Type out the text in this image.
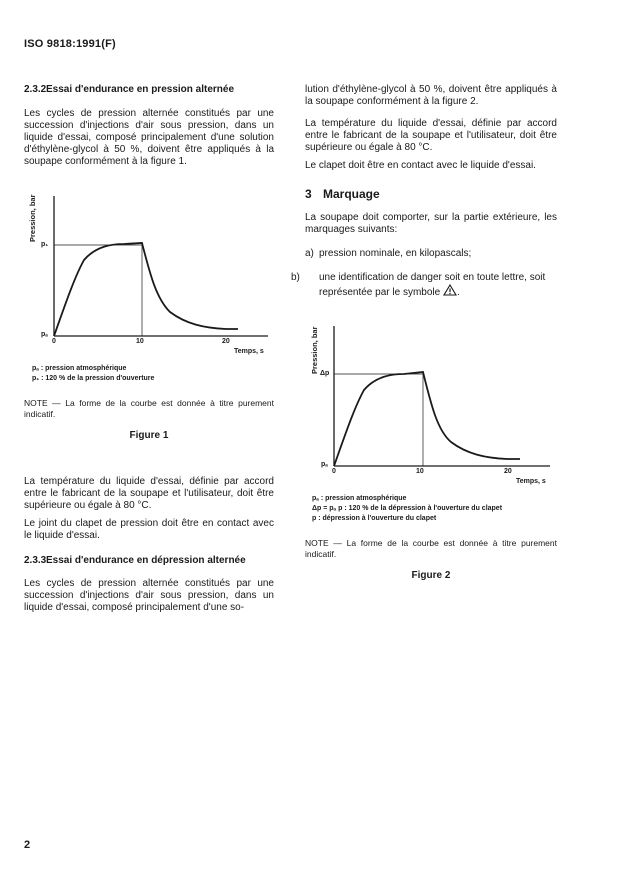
ISO 9818:1991(F)
2.3.2Essai d'endurance en pression alternée
Les cycles de pression alternée constitués par une succession d'injections d'air sous pression, dans un liquide d'essai, composé principalement d'une solution d'éthylène-glycol à 50 %, doivent être appliqués à la soupape conformément à la figure 1.
Pression, bar
p₁
pₐ
0	10	20
Temps, s
pₐ : pression atmosphérique
p₁ : 120 % de la pression d'ouverture
NOTE — La forme de la courbe est donnée à titre purement indicatif.
Figure 1
La température du liquide d'essai, définie par accord entre le fabricant de la soupape et l'utilisateur, doit être supérieure ou égale à 80 °C.
Le joint du clapet de pression doit être en contact avec le liquide d'essai.
2.3.3Essai d'endurance en dépression alternée
Les cycles de pression alternée constitués par une succession d'injections d'air sous pression, dans un liquide d'essai, composé principalement d'une so-
lution d'éthylène-glycol à 50 %, doivent être appliqués à la soupape conformément à la figure 2.
La température du liquide d'essai, définie par accord entre le fabricant de la soupape et l'utilisateur, doit être supérieure ou égale à 80 °C.
Le clapet doit être en contact avec le liquide d'essai.
3 Marquage
La soupape doit comporter, sur la partie extérieure, les marquages suivants:
a) pression nominale, en kilopascals;
b) une identification de danger soit en toute lettre, soit représentée par le symbole .
Pression, bar Δp
pₐ
0	10	20
Temps, s
pₐ : pression atmosphérique
Δp = pₐ p : 120 % de la dépression à l'ouverture du clapet
p : dépression à l'ouverture du clapet
NOTE — La forme de la courbe est donnée à titre purement indicatif.
Figure 2
2
